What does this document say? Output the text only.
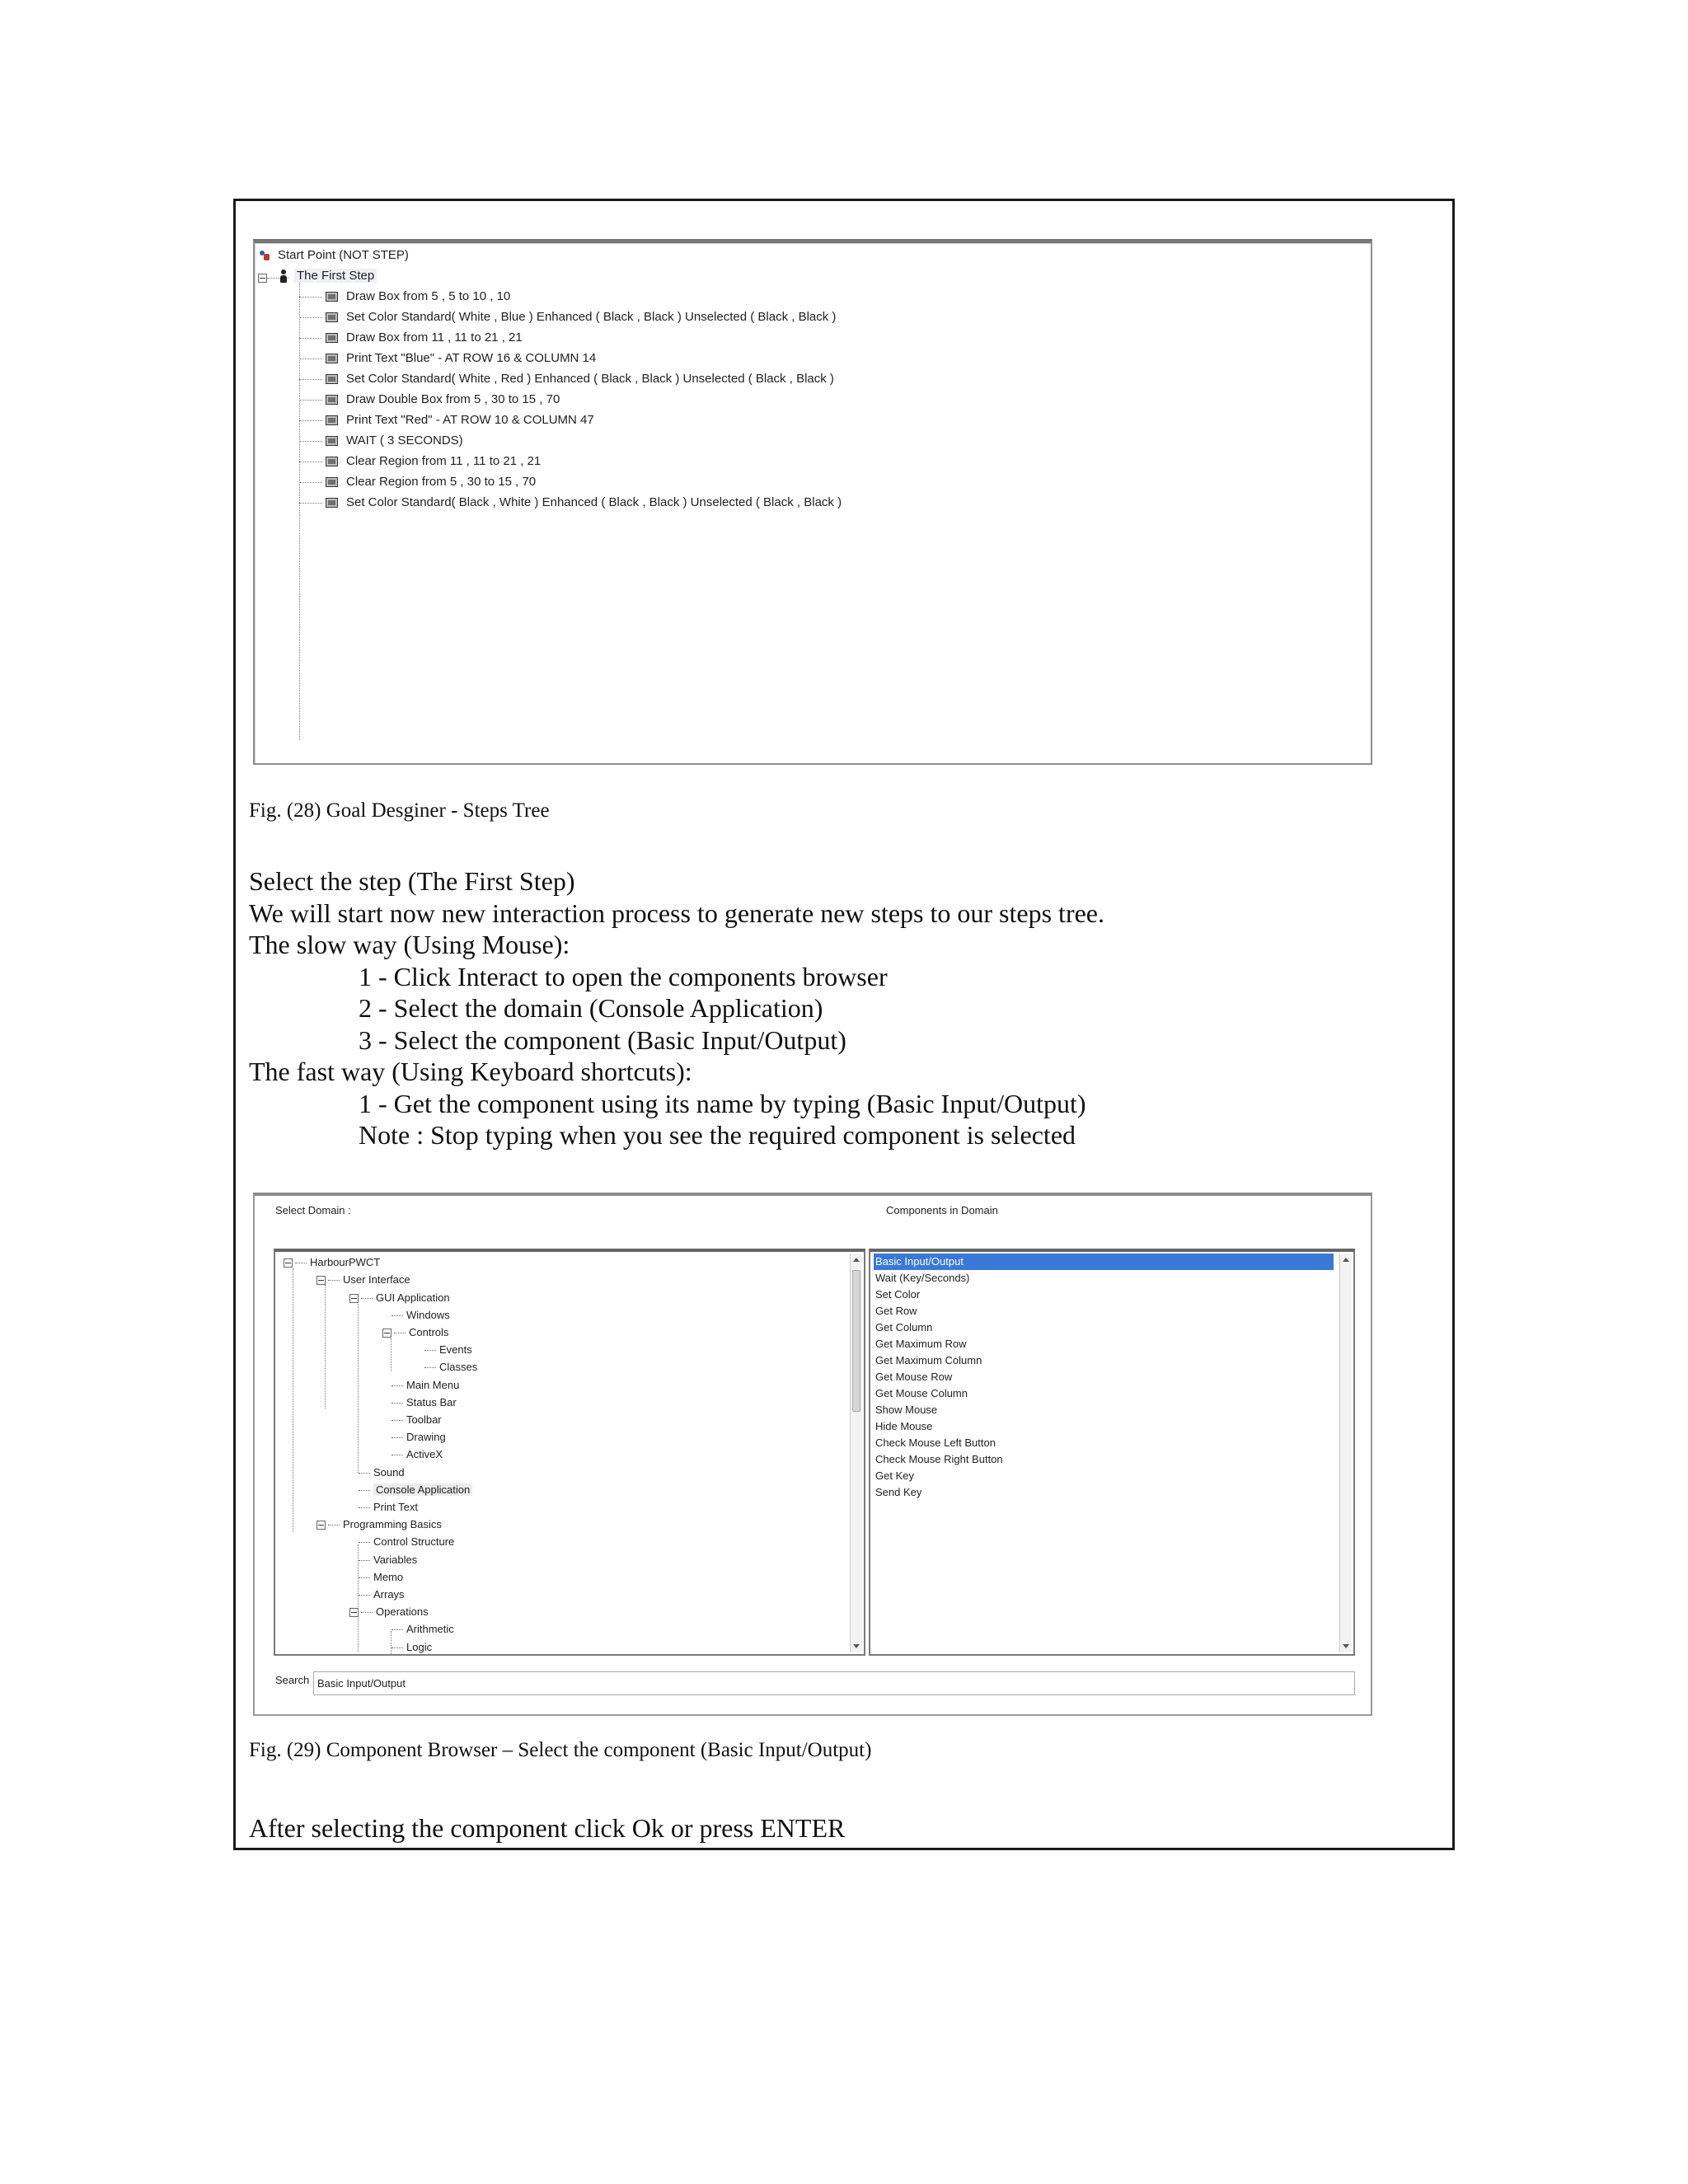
Start Point (NOT STEP)
The First Step
Draw Box from 5 , 5 to 10 , 10
Set Color Standard( White , Blue ) Enhanced ( Black , Black ) Unselected ( Black , Black )
Draw Box from 11 , 11 to 21 , 21
Print Text "Blue" - AT ROW 16 & COLUMN 14
Set Color Standard( White , Red ) Enhanced ( Black , Black ) Unselected ( Black , Black )
Draw Double Box from 5 , 30 to 15 , 70
Print Text "Red" - AT ROW 10 & COLUMN 47
WAIT ( 3 SECONDS)
Clear Region from 11 , 11 to 21 , 21
Clear Region from 5 , 30 to 15 , 70
Set Color Standard( Black , White ) Enhanced ( Black , Black ) Unselected ( Black , Black )
Fig. (28) Goal Desginer - Steps Tree
Select the step (The First Step)
We will start now new interaction process to generate new steps to our steps tree.
The slow way (Using Mouse):
1 - Click Interact to open the components browser
2 - Select the domain (Console Application)
3 - Select the component (Basic Input/Output)
The fast way (Using Keyboard shortcuts):
1 - Get the component using its name by typing (Basic Input/Output)
Note : Stop typing when you see the required component is selected
Select Domain :	Components in Domain
HarbourPWCT
User Interface
GUI Application
Windows
Controls
Events
Classes
Main Menu
Status Bar
Toolbar
Drawing
ActiveX
Sound
Console Application
Print Text
Programming Basics
Control Structure
Variables
Memo
Arrays
Operations
Arithmetic
Logic
Basic Input/Output
Wait (Key/Seconds)
Set Color
Get Row
Get Column
Get Maximum Row
Get Maximum Column
Get Mouse Row
Get Mouse Column
Show Mouse
Hide Mouse
Check Mouse Left Button
Check Mouse Right Button
Get Key
Send Key
Search
Basic Input/Output
Fig. (29) Component Browser – Select the component (Basic Input/Output)
After selecting the component click Ok or press ENTER
